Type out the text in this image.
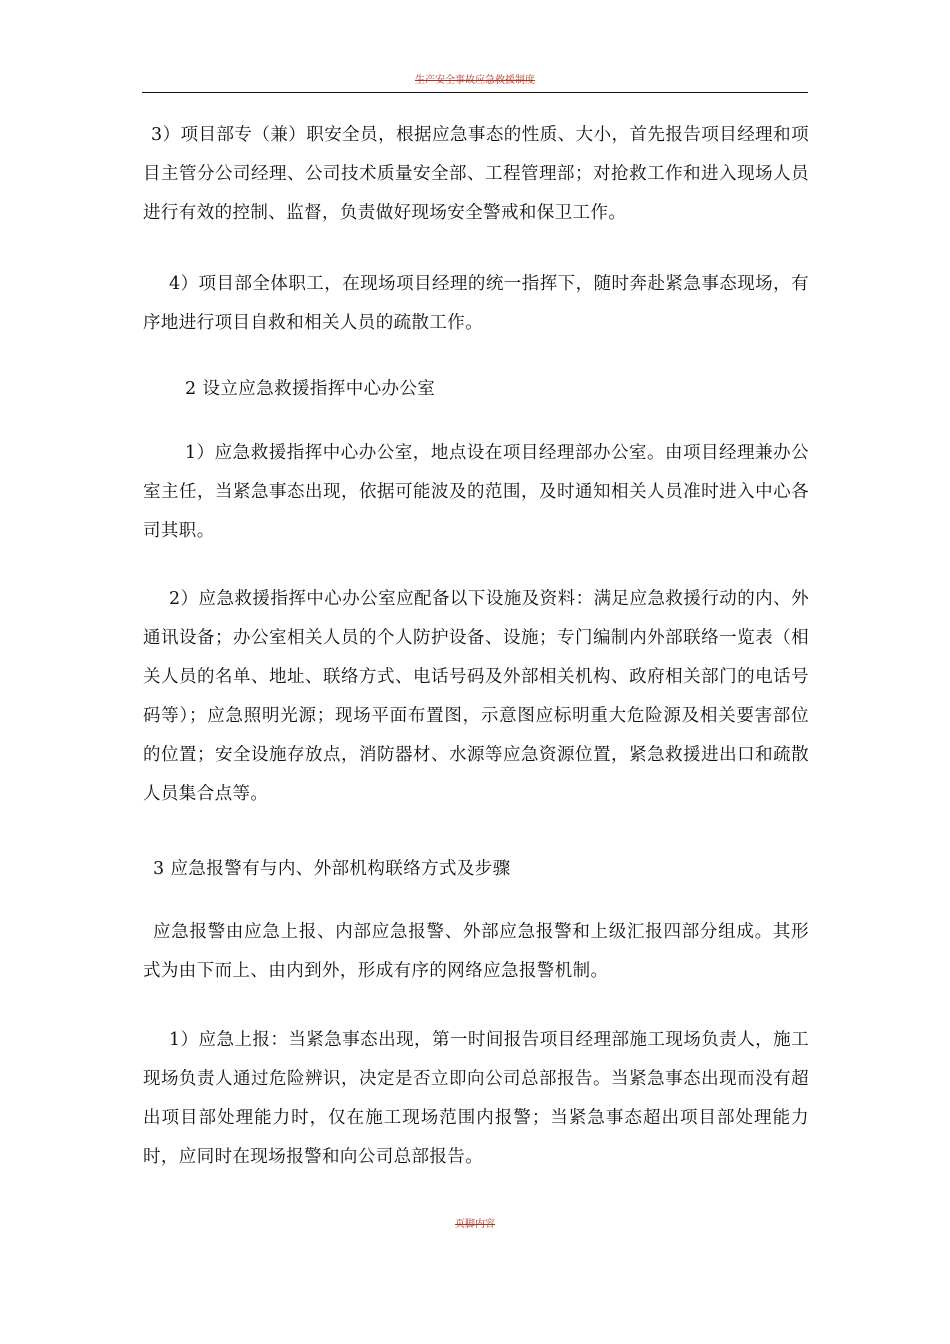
生产安全事故应急救援制度

3）项目部专（兼）职安全员，根据应急事态的性质、大小，首先报告项目经理和项目主管分公司经理、公司技术质量安全部、工程管理部；对抢救工作和进入现场人员进行有效的控制、监督，负责做好现场安全警戒和保卫工作。

4）项目部全体职工，在现场项目经理的统一指挥下，随时奔赴紧急事态现场，有序地进行项目自救和相关人员的疏散工作。

2 设立应急救援指挥中心办公室

1）应急救援指挥中心办公室，地点设在项目经理部办公室。由项目经理兼办公室主任，当紧急事态出现，依据可能波及的范围，及时通知相关人员准时进入中心各司其职。

2）应急救援指挥中心办公室应配备以下设施及资料：满足应急救援行动的内、外通讯设备；办公室相关人员的个人防护设备、设施；专门编制内外部联络一览表（相关人员的名单、地址、联络方式、电话号码及外部相关机构、政府相关部门的电话号码等）；应急照明光源；现场平面布置图，示意图应标明重大危险源及相关要害部位的位置；安全设施存放点，消防器材、水源等应急资源位置，紧急救援进出口和疏散人员集合点等。

3 应急报警有与内、外部机构联络方式及步骤

应急报警由应急上报、内部应急报警、外部应急报警和上级汇报四部分组成。其形式为由下而上、由内到外，形成有序的网络应急报警机制。

1）应急上报：当紧急事态出现，第一时间报告项目经理部施工现场负责人，施工现场负责人通过危险辨识，决定是否立即向公司总部报告。当紧急事态出现而没有超出项目部处理能力时，仅在施工现场范围内报警；当紧急事态超出项目部处理能力时，应同时在现场报警和向公司总部报告。

页脚内容
